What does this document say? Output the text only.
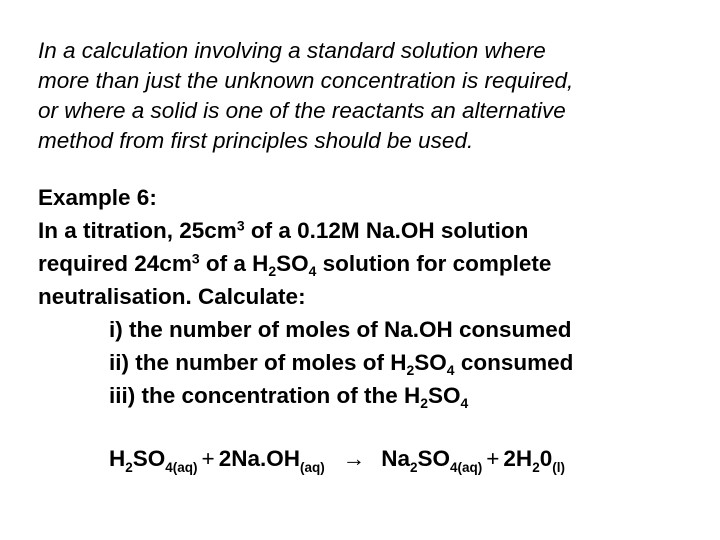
In a calculation involving a standard solution where
more than just the unknown concentration is required,
or where a solid is one of the reactants an alternative
method from first principles should be used.
Example 6:
In a titration, $25cm^3$ of a 0.12M Na.OH solution
required $24cm^3$ of a $H_2SO_4$ solution for complete
neutralisation. Calculate:
i) the number of moles of Na.OH consumed
ii) the number of moles of $H_2SO_4$ consumed
iii) the concentration of the $H_2SO_4$
$H_2SO_{4(aq)} + 2Na.OH_{(aq)} \to Na_2SO_{4(aq)} + 2H_20_{(l)}$
